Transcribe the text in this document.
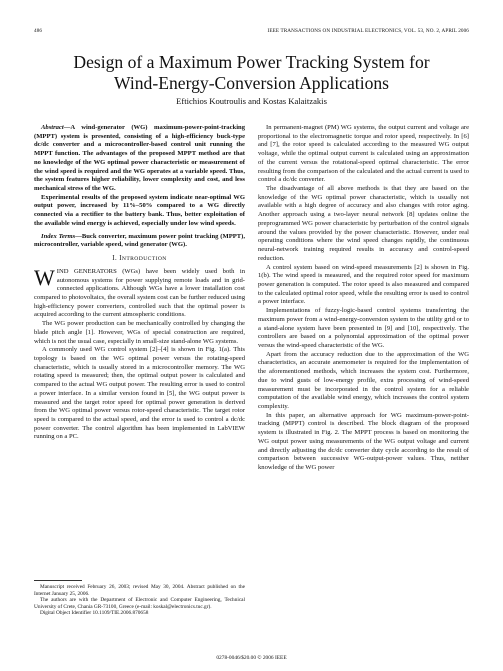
486	IEEE TRANSACTIONS ON INDUSTRIAL ELECTRONICS, VOL. 53, NO. 2, APRIL 2006
Design of a Maximum Power Tracking System for
Wind-Energy-Conversion Applications
Eftichios Koutroulis and Kostas Kalaitzakis

Abstract—A wind-generator (WG) maximum-power-point-tracking (MPPT) system is presented, consisting of a high-efficiency buck-type dc/dc converter and a microcontroller-based control unit running the MPPT function. The advantages of the proposed MPPT method are that no knowledge of the WG optimal power characteristic or measurement of the wind speed is required and the WG operates at a variable speed. Thus, the system features higher reliability, lower complexity and cost, and less mechanical stress of the WG.

Experimental results of the proposed system indicate near-optimal WG output power, increased by 11%–50% compared to a WG directly connected via a rectifier to the battery bank. Thus, better exploitation of the available wind energy is achieved, especially under low wind speeds.

Index Terms—Buck converter, maximum power point tracking (MPPT), microcontroller, variable speed, wind generator (WG).

I. INTRODUCTION

WIND GENERATORS (WGs) have been widely used both in autonomous systems for power supplying remote loads and in grid-connected applications. Although WGs have a lower installation cost compared to photovoltaics, the overall system cost can be further reduced using high-efficiency power converters, controlled such that the optimal power is acquired according to the current atmospheric conditions.

The WG power production can be mechanically controlled by changing the blade pitch angle [1]. However, WGs of special construction are required, which is not the usual case, especially in small-size stand-alone WG systems.

A commonly used WG control system [2]–[4] is shown in Fig. 1(a). This topology is based on the WG optimal power versus the rotating-speed characteristic, which is usually stored in a microcontroller memory. The WG rotating speed is measured; then, the optimal output power is calculated and compared to the actual WG output power. The resulting error is used to control a power interface. In a similar version found in [5], the WG output power is measured and the target rotor speed for optimal power generation is derived from the WG optimal power versus rotor-speed characteristic. The target rotor speed is compared to the actual speed, and the error is used to control a dc/dc power converter. The control algorithm has been implemented in LabVIEW running on a PC.

In permanent-magnet (PM) WG systems, the output current and voltage are proportional to the electromagnetic torque and rotor speed, respectively. In [6] and [7], the rotor speed is calculated according to the measured WG output voltage, while the optimal output current is calculated using an approximation of the current versus the rotational-speed optimal characteristic. The error resulting from the comparison of the calculated and the actual current is used to control a dc/dc converter.

The disadvantage of all above methods is that they are based on the knowledge of the WG optimal power characteristic, which is usually not available with a high degree of accuracy and also changes with rotor aging. Another approach using a two-layer neural network [8] updates online the preprogrammed WG power characteristic by perturbation of the control signals around the values provided by the power characteristic. However, under real operating conditions where the wind speed changes rapidly, the continuous neural-network training required results in accuracy and control-speed reduction.

A control system based on wind-speed measurements [2] is shown in Fig. 1(b). The wind speed is measured, and the required rotor speed for maximum power generation is computed. The rotor speed is also measured and compared to the calculated optimal rotor speed, while the resulting error is used to control a power interface.

Implementations of fuzzy-logic-based control systems transferring the maximum power from a wind-energy-conversion system to the utility grid or to a stand-alone system have been presented in [9] and [10], respectively. The controllers are based on a polynomial approximation of the optimal power versus the wind-speed characteristic of the WG.

Apart from the accuracy reduction due to the approximation of the WG characteristics, an accurate anemometer is required for the implementation of the aforementioned methods, which increases the system cost. Furthermore, due to wind gusts of low-energy profile, extra processing of wind-speed measurement must be incorporated in the control system for a reliable computation of the available wind energy, which increases the control system complexity.

In this paper, an alternative approach for WG maximum-power-point-tracking (MPPT) control is described. The block diagram of the proposed system is illustrated in Fig. 2. The MPPT process is based on monitoring the WG output power using measurements of the WG output voltage and current and directly adjusting the dc/dc converter duty cycle according to the result of comparison between successive WG-output-power values. Thus, neither knowledge of the WG power

Manuscript received February 26, 2003; revised May 30, 2004. Abstract published on the Internet January 25, 2006.

The authors are with the Department of Electronic and Computer Engineering, Technical University of Crete, Chania GR-73100, Greece (e-mail: koskal@electronics.tuc.gr).

Digital Object Identifier 10.1109/TIE.2006.870658

0278-0046/$20.00 © 2006 IEEE
